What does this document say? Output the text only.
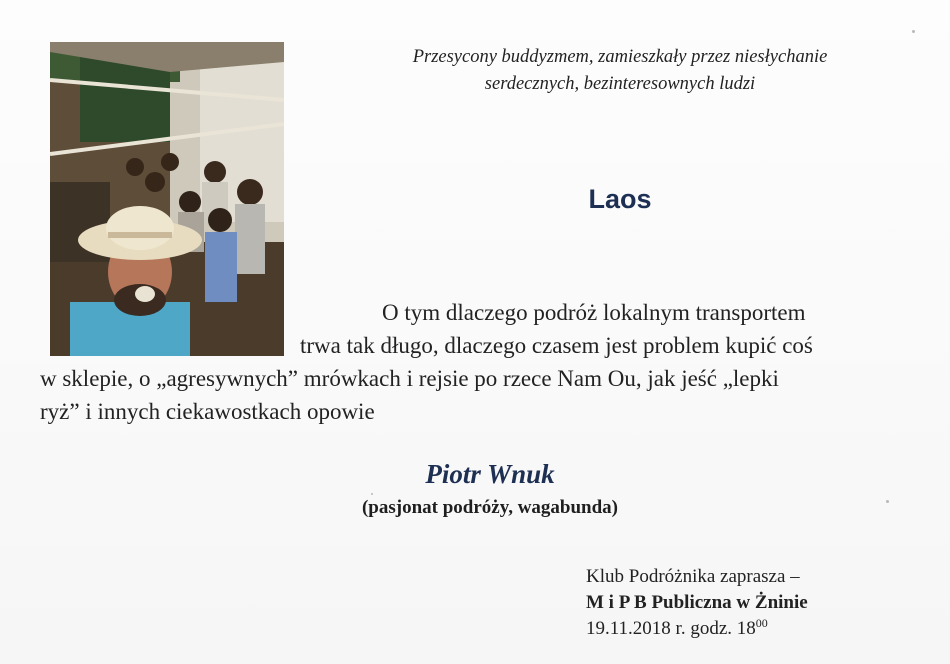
Przesycony buddyzmem, zamieszkały przez niesłychanie
serdecznych, bezinteresownych ludzi
Laos
O tym dlaczego podróż lokalnym transportem
trwa tak długo, dlaczego czasem jest problem kupić coś
w sklepie, o „agresywnych” mrówkach i rejsie po rzece Nam Ou, jak jeść „lepki
ryż” i innych ciekawostkach opowie
Piotr Wnuk
(pasjonat podróży, wagabunda)
Klub Podróżnika zaprasza –
M i P B Publiczna w Żninie
19.11.2018 r. godz. $18^{00}$
